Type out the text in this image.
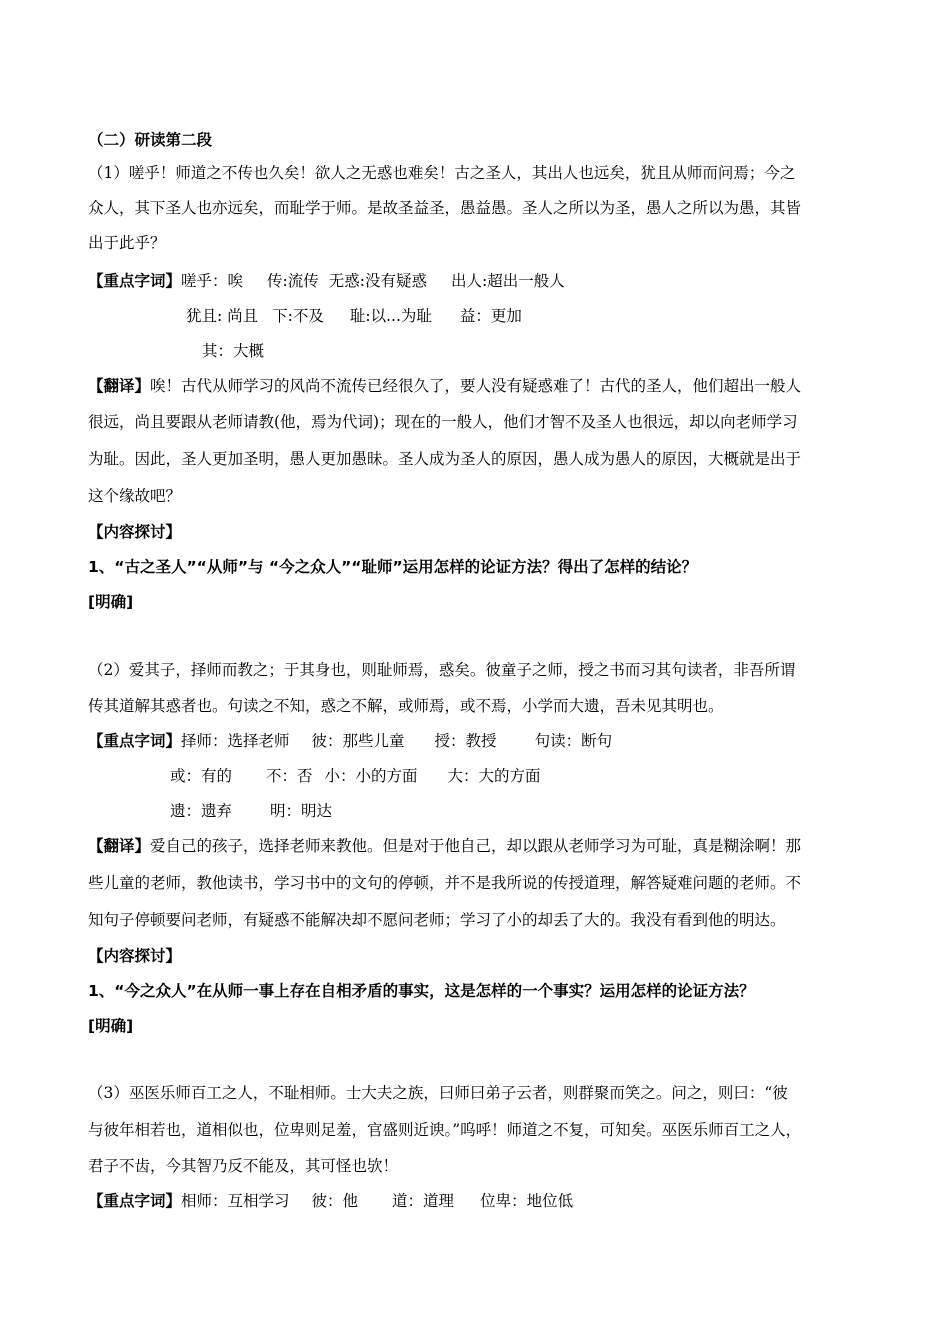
（二）研读第二段
（1）嗟乎！师道之不传也久矣！欲人之无惑也难矣！古之圣人，其出人也远矣，犹且从师而问焉；今之
众人，其下圣人也亦远矣，而耻学于师。是故圣益圣，愚益愚。圣人之所以为圣，愚人之所以为愚，其皆
出于此乎？
【重点字词】嗟乎：唉 传:流传 无惑:没有疑惑 出人:超出一般人
犹且: 尚且 下:不及 耻:以...为耻 益：更加
其：大概
【翻译】唉！古代从师学习的风尚不流传已经很久了，要人没有疑惑难了！古代的圣人，他们超出一般人
很远，尚且要跟从老师请教(他，焉为代词)；现在的一般人，他们才智不及圣人也很远，却以向老师学习
为耻。因此，圣人更加圣明，愚人更加愚昧。圣人成为圣人的原因，愚人成为愚人的原因，大概就是出于
这个缘故吧？
【内容探讨】
1、“古之圣人”“从师”与 “今之众人”“耻师”运用怎样的论证方法？得出了怎样的结论？
[明确]
（2）爱其子，择师而教之；于其身也，则耻师焉，惑矣。彼童子之师，授之书而习其句读者，非吾所谓
传其道解其惑者也。句读之不知，惑之不解，或师焉，或不焉，小学而大遗，吾未见其明也。
【重点字词】择师：选择老师 彼：那些儿童 授：教授 句读：断句
或：有的 不：否 小：小的方面 大：大的方面
遗：遗弃 明：明达
【翻译】爱自己的孩子，选择老师来教他。但是对于他自己，却以跟从老师学习为可耻，真是糊涂啊！那
些儿童的老师，教他读书，学习书中的文句的停顿，并不是我所说的传授道理，解答疑难问题的老师。不
知句子停顿要问老师，有疑惑不能解决却不愿问老师；学习了小的却丢了大的。我没有看到他的明达。
【内容探讨】
1、“今之众人”在从师一事上存在自相矛盾的事实，这是怎样的一个事实？运用怎样的论证方法？
[明确]
（3）巫医乐师百工之人，不耻相师。士大夫之族，曰师曰弟子云者，则群聚而笑之。问之，则曰：“彼
与彼年相若也，道相似也，位卑则足羞，官盛则近谀。”呜呼！师道之不复，可知矣。巫医乐师百工之人，
君子不齿，今其智乃反不能及，其可怪也欤！
【重点字词】相师：互相学习 彼：他 道：道理 位卑：地位低
